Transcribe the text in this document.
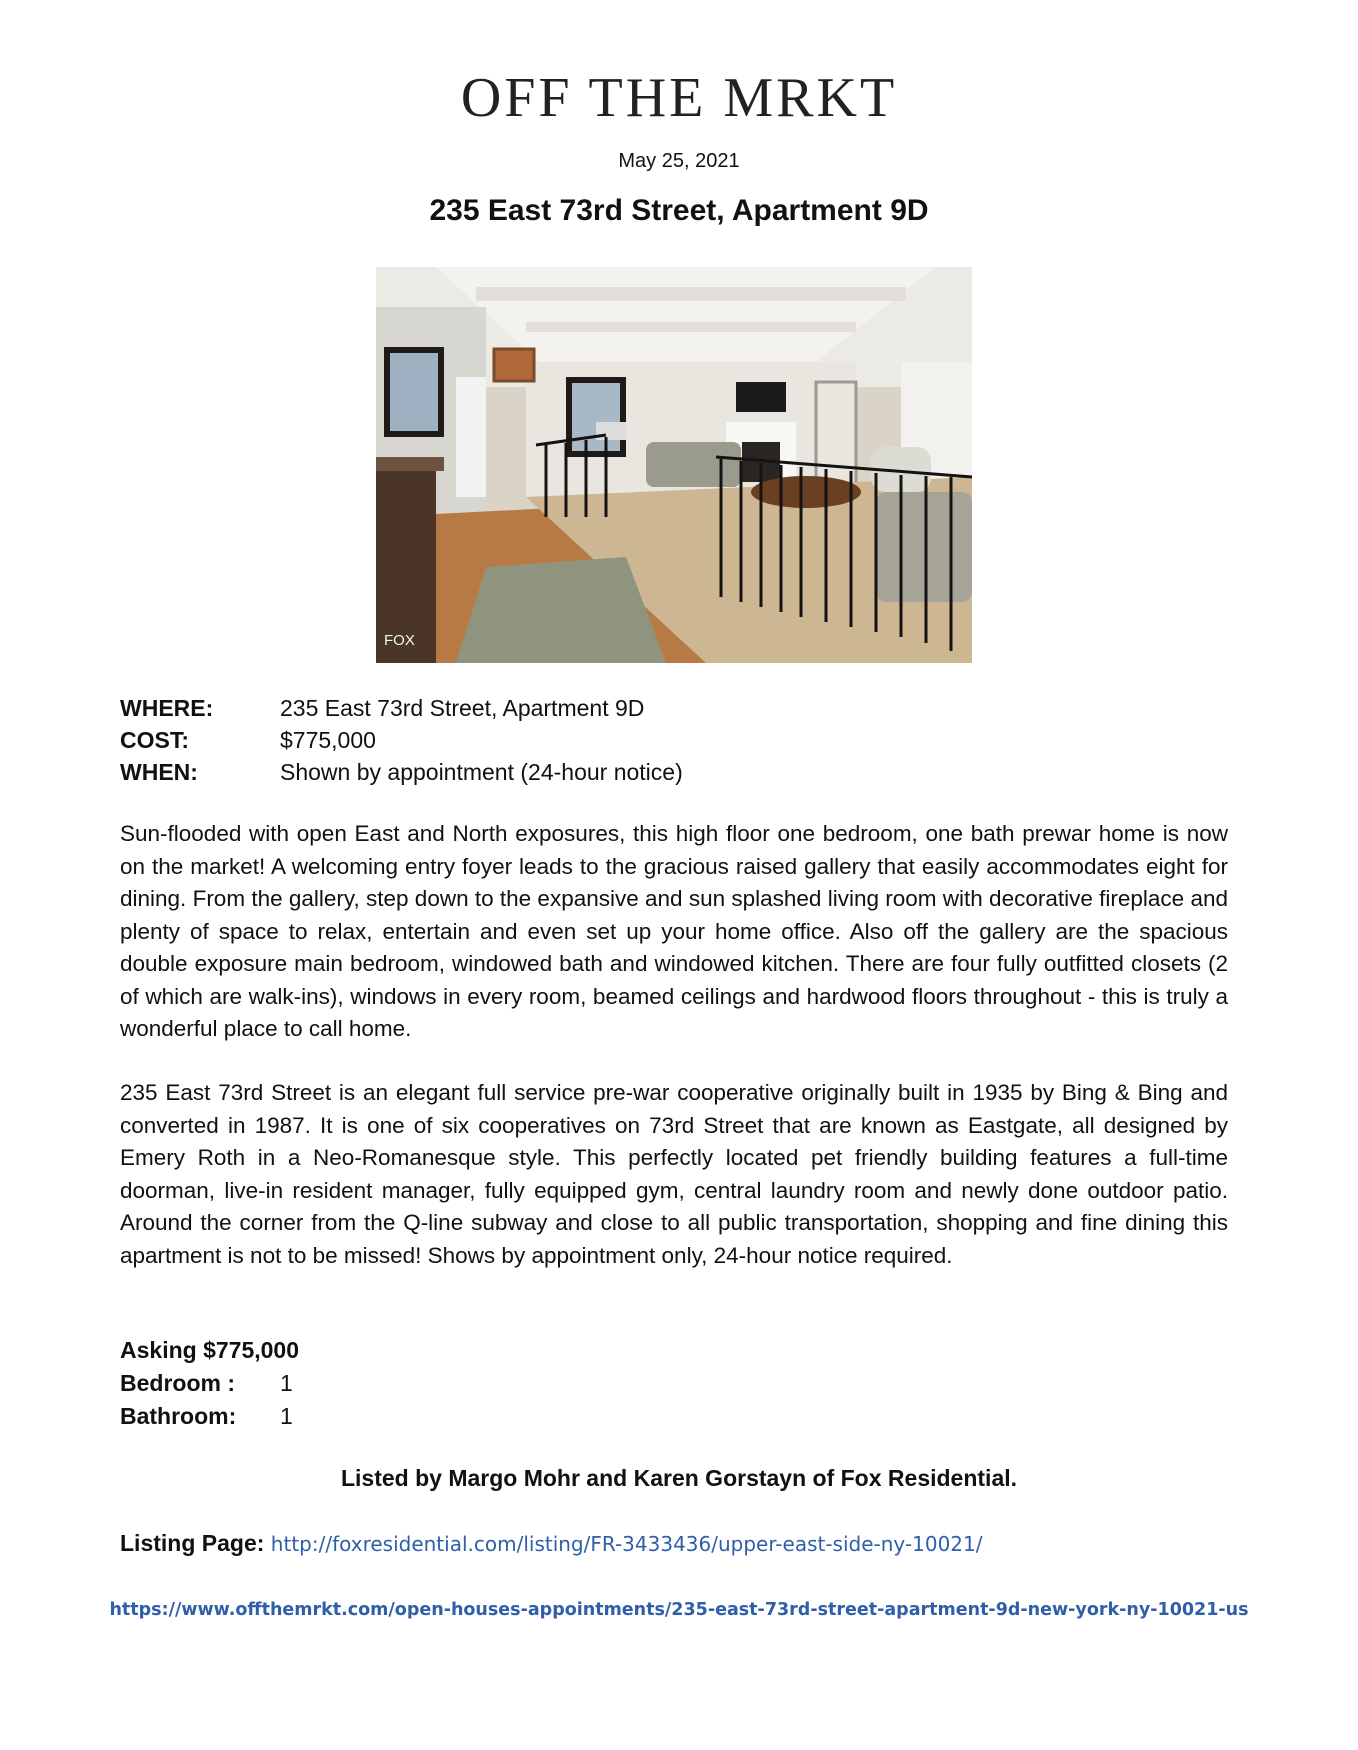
OFF THE MRKT
May 25, 2021
235 East 73rd Street, Apartment 9D
FOX
WHERE:	235 East 73rd Street, Apartment 9D
COST:	$775,000
WHEN:	Shown by appointment (24-hour notice)
Sun-flooded with open East and North exposures, this high floor one bedroom, one bath prewar home is now on the market! A welcoming entry foyer leads to the gracious raised gallery that easily accommodates eight for dining. From the gallery, step down to the expansive and sun splashed living room with decorative fireplace and plenty of space to relax, entertain and even set up your home office. Also off the gallery are the spacious double exposure main bedroom, windowed bath and windowed kitchen. There are four fully outfitted closets (2 of which are walk-ins), windows in every room, beamed ceilings and hardwood floors throughout - this is truly a wonderful place to call home.
235 East 73rd Street is an elegant full service pre-war cooperative originally built in 1935 by Bing & Bing and converted in 1987. It is one of six cooperatives on 73rd Street that are known as Eastgate, all designed by Emery Roth in a Neo-Romanesque style. This perfectly located pet friendly building features a full-time doorman, live-in resident manager, fully equipped gym, central laundry room and newly done outdoor patio. Around the corner from the Q-line subway and close to all public transportation, shopping and fine dining this apartment is not to be missed! Shows by appointment only, 24-hour notice required.
Asking $775,000
Bedroom :	1
Bathroom:	1
Listed by Margo Mohr and Karen Gorstayn of Fox Residential.
Listing Page: http://foxresidential.com/listing/FR-3433436/upper-east-side-ny-10021/
https://www.offthemrkt.com/open-houses-appointments/235-east-73rd-street-apartment-9d-new-york-ny-10021-us
